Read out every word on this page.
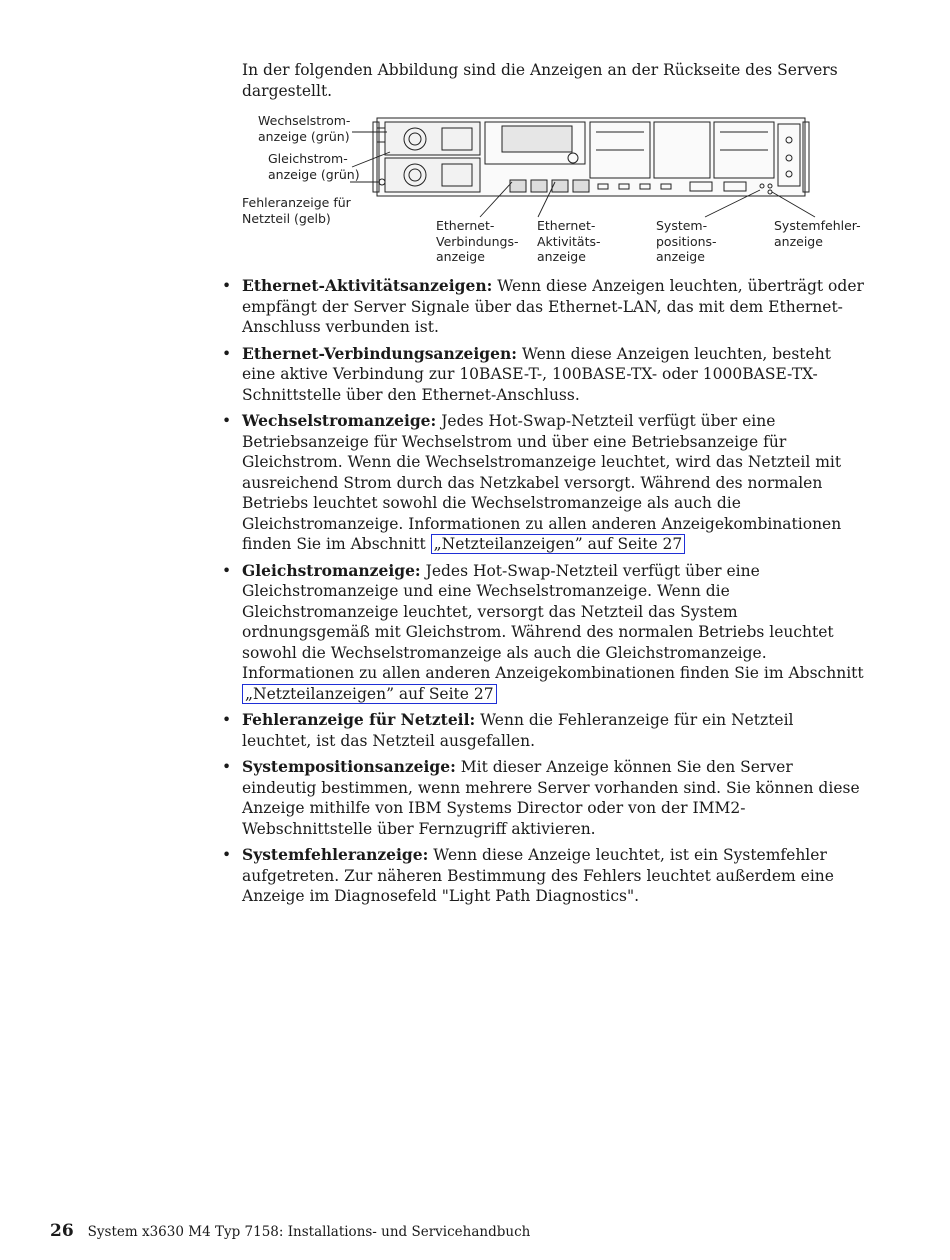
In der folgenden Abbildung sind die Anzeigen an der Rückseite des Servers dargestellt.

Wechselstrom-
anzeige (grün)
Gleichstrom-
anzeige (grün)
Fehleranzeige für
Netzteil (gelb)	Ethernet-
Verbindungs-
anzeige
Ethernet-
Aktivitäts-
anzeige
System-
positions-
anzeige
Systemfehler-
anzeige
• Ethernet-Aktivitätsanzeigen: Wenn diese Anzeigen leuchten, überträgt oder empfängt der Server Signale über das Ethernet-LAN, das mit dem Ethernet-Anschluss verbunden ist.
• Ethernet-Verbindungsanzeigen: Wenn diese Anzeigen leuchten, besteht eine aktive Verbindung zur 10BASE-T-, 100BASE-TX- oder 1000BASE-TX-Schnittstelle über den Ethernet-Anschluss.
• Wechselstromanzeige: Jedes Hot-Swap-Netzteil verfügt über eine Betriebsanzeige für Wechselstrom und über eine Betriebsanzeige für Gleichstrom. Wenn die Wechselstromanzeige leuchtet, wird das Netzteil mit ausreichend Strom durch das Netzkabel versorgt. Während des normalen Betriebs leuchtet sowohl die Wechselstromanzeige als auch die Gleichstromanzeige. Informationen zu allen anderen Anzeigekombinationen finden Sie im Abschnitt „Netzteilanzeigen” auf Seite 27
• Gleichstromanzeige: Jedes Hot-Swap-Netzteil verfügt über eine Gleichstromanzeige und eine Wechselstromanzeige. Wenn die Gleichstromanzeige leuchtet, versorgt das Netzteil das System ordnungsgemäß mit Gleichstrom. Während des normalen Betriebs leuchtet sowohl die Wechselstromanzeige als auch die Gleichstromanzeige. Informationen zu allen anderen Anzeigekombinationen finden Sie im Abschnitt „Netzteilanzeigen” auf Seite 27
• Fehleranzeige für Netzteil: Wenn die Fehleranzeige für ein Netzteil leuchtet, ist das Netzteil ausgefallen.
• Systempositionsanzeige: Mit dieser Anzeige können Sie den Server eindeutig bestimmen, wenn mehrere Server vorhanden sind. Sie können diese Anzeige mithilfe von IBM Systems Director oder von der IMM2-Webschnittstelle über Fernzugriff aktivieren.
• Systemfehleranzeige: Wenn diese Anzeige leuchtet, ist ein Systemfehler aufgetreten. Zur näheren Bestimmung des Fehlers leuchtet außerdem eine Anzeige im Diagnosefeld "Light Path Diagnostics".
26 System x3630 M4 Typ 7158: Installations- und Servicehandbuch
